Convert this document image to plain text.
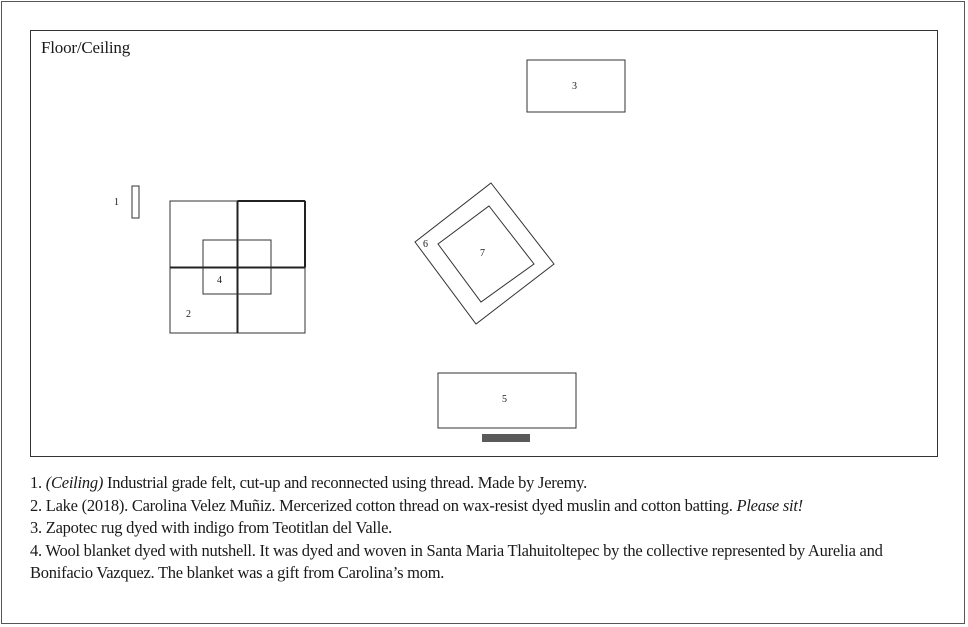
Floor/Ceiling
1
2
4
3
6
7
5

1. (Ceiling) Industrial grade felt, cut-up and reconnected using thread. Made by Jeremy.

2. Lake (2018). Carolina Velez Muñiz. Mercerized cotton thread on wax-resist dyed muslin and cotton batting. Please sit!

3. Zapotec rug dyed with indigo from Teotitlan del Valle.

4. Wool blanket dyed with nutshell. It was dyed and woven in Santa Maria Tlahuitoltepec by the collective represented by Aurelia and Bonifacio Vazquez. The blanket was a gift from Carolina’s mom.
